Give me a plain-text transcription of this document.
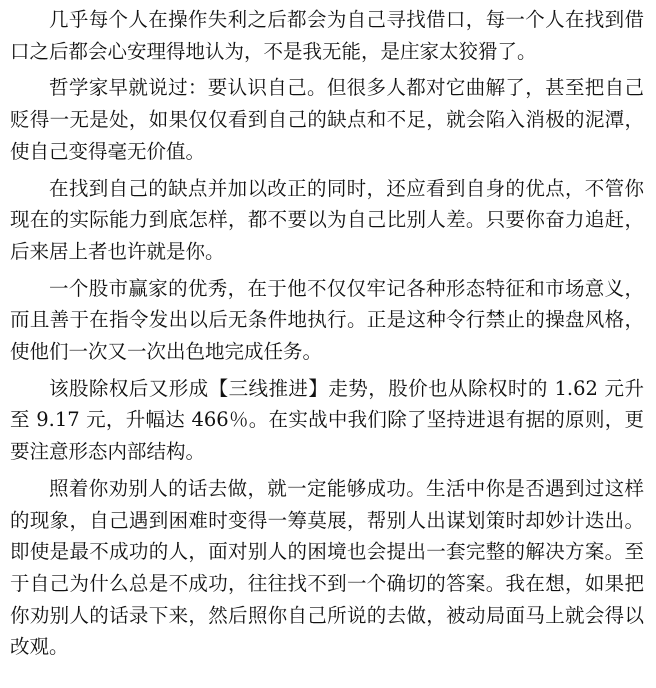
几乎每个人在操作失利之后都会为自己寻找借口，每一个人在找到借口之后都会心安理得地认为，不是我无能，是庄家太狡猾了。

哲学家早就说过：要认识自己。但很多人都对它曲解了，甚至把自己贬得一无是处，如果仅仅看到自己的缺点和不足，就会陷入消极的泥潭，使自己变得毫无价值。

在找到自己的缺点并加以改正的同时，还应看到自身的优点，不管你现在的实际能力到底怎样，都不要以为自己比别人差。只要你奋力追赶，后来居上者也许就是你。

一个股市赢家的优秀，在于他不仅仅牢记各种形态特征和市场意义，而且善于在指令发出以后无条件地执行。正是这种令行禁止的操盘风格，使他们一次又一次出色地完成任务。

该股除权后又形成【三线推进】走势，股价也从除权时的 1.62 元升至 9.17 元，升幅达 466％。在实战中我们除了坚持进退有据的原则，更要注意形态内部结构。

照着你劝别人的话去做，就一定能够成功。生活中你是否遇到过这样的现象，自己遇到困难时变得一筹莫展，帮别人出谋划策时却妙计迭出。即使是最不成功的人，面对别人的困境也会提出一套完整的解决方案。至于自己为什么总是不成功，往往找不到一个确切的答案。我在想，如果把你劝别人的话录下来，然后照你自己所说的去做，被动局面马上就会得以改观。
